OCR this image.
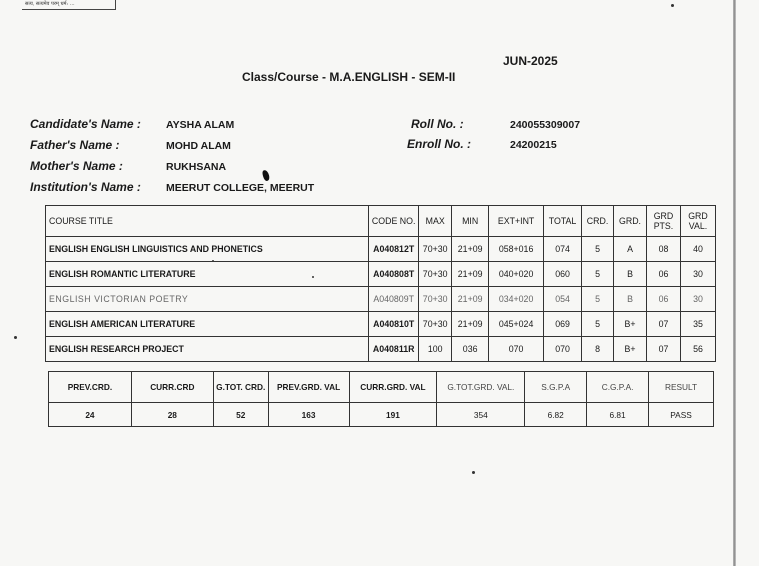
सत्य, सत्यमेव परम् धर्म: ...
JUN-2025
Class/Course - M.A.ENGLISH - SEM-II
Candidate's Name : AYSHA ALAM
Father's Name :	MOHD ALAM
Mother's Name :	RUKHSANA
Institution's Name : MEERUT COLLEGE, MEERUT
Roll No. :	240055309007
Enroll No. :	24200215
COURSE TITLE	CODE NO.	MAX	MIN	EXT+INT	TOTAL	CRD.	GRD.	GRD PTS.	GRD VAL.
ENGLISH ENGLISH LINGUISTICS AND PHONETICS	A040812T	70+30	21+09	058+016	074	5	A	08	40
ENGLISH ROMANTIC LITERATURE	A040808T	70+30	21+09	040+020	060	5	B	06	30
ENGLISH VICTORIAN POETRY	A040809T	70+30	21+09	034+020	054	5	B	06	30
ENGLISH AMERICAN LITERATURE	A040810T	70+30	21+09	045+024	069	5	B+	07	35
ENGLISH RESEARCH PROJECT	A040811R	100	036	070	070	8	B+	07	56
PREV.CRD.	CURR.CRD	G.TOT. CRD.	PREV.GRD. VAL	CURR.GRD. VAL	G.TOT.GRD. VAL.	S.G.P.A	C.G.P.A.	RESULT
24	28	52	163	191	354	6.82	6.81	PASS
